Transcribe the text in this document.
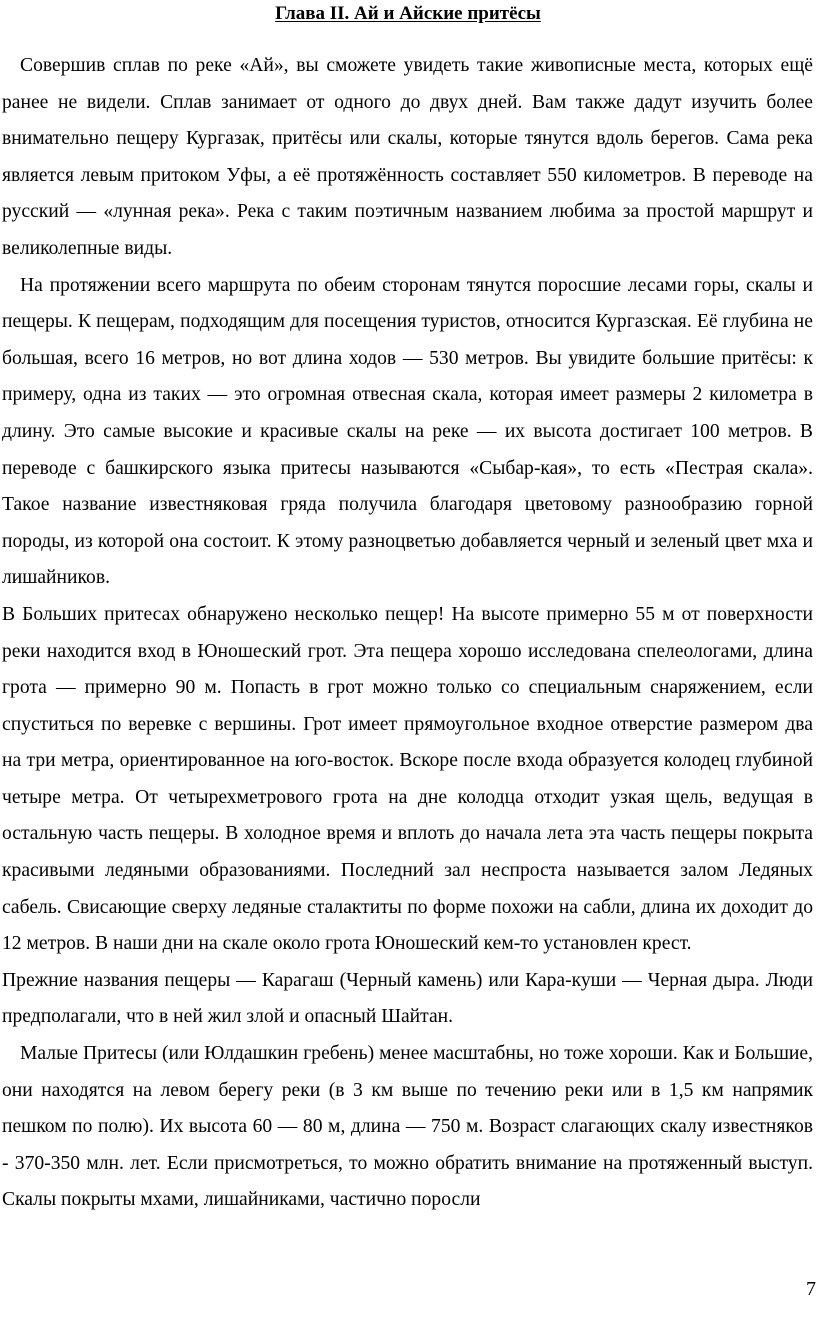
Глава II. Ай и Айские притёсы

Совершив сплав по реке «Ай», вы сможете увидеть такие живописные места, которых ещё ранее не видели. Сплав занимает от одного до двух дней. Вам также дадут изучить более внимательно пещеру Кургазак, притёсы или скалы, которые тянутся вдоль берегов. Сама река является левым притоком Уфы, а её протяжённость составляет 550 километров. В переводе на русский — «лунная река». Река с таким поэтичным названием любима за простой маршрут и великолепные виды.

На протяжении всего маршрута по обеим сторонам тянутся поросшие лесами горы, скалы и пещеры. К пещерам, подходящим для посещения туристов, относится Кургазская. Её глубина не большая, всего 16 метров, но вот длина ходов — 530 метров. Вы увидите большие притёсы: к примеру, одна из таких — это огромная отвесная скала, которая имеет размеры 2 километра в длину. Это самые высокие и красивые скалы на реке — их высота достигает 100 метров. В переводе с башкирского языка притесы называются «Сыбар-кая», то есть «Пестрая скала». Такое название известняковая гряда получила благодаря цветовому разнообразию горной породы, из которой она состоит. К этому разноцветью добавляется черный и зеленый цвет мха и лишайников.

В Больших притесах обнаружено несколько пещер! На высоте примерно 55 м от поверхности реки находится вход в Юношеский грот. Эта пещера хорошо исследована спелеологами, длина грота — примерно 90 м. Попасть в грот можно только со специальным снаряжением, если спуститься по веревке с вершины. Грот имеет прямоугольное входное отверстие размером два на три метра, ориентированное на юго-восток. Вскоре после входа образуется колодец глубиной четыре метра. От четырехметрового грота на дне колодца отходит узкая щель, ведущая в остальную часть пещеры. В холодное время и вплоть до начала лета эта часть пещеры покрыта красивыми ледяными образованиями. Последний зал неспроста называется залом Ледяных сабель. Свисающие сверху ледяные сталактиты по форме похожи на сабли, длина их доходит до 12 метров. В наши дни на скале около грота Юношеский кем-то установлен крест.

Прежние названия пещеры — Карагаш (Черный камень) или Кара-куши — Черная дыра. Люди предполагали, что в ней жил злой и опасный Шайтан.

Малые Притесы (или Юлдашкин гребень) менее масштабны, но тоже хороши. Как и Большие, они находятся на левом берегу реки (в 3 км выше по течению реки или в 1,5 км напрямик пешком по полю). Их высота 60 — 80 м, длина — 750 м. Возраст слагающих скалу известняков - 370-350 млн. лет. Если присмотреться, то можно обратить внимание на протяженный выступ. Скалы покрыты мхами, лишайниками, частично поросли

7
